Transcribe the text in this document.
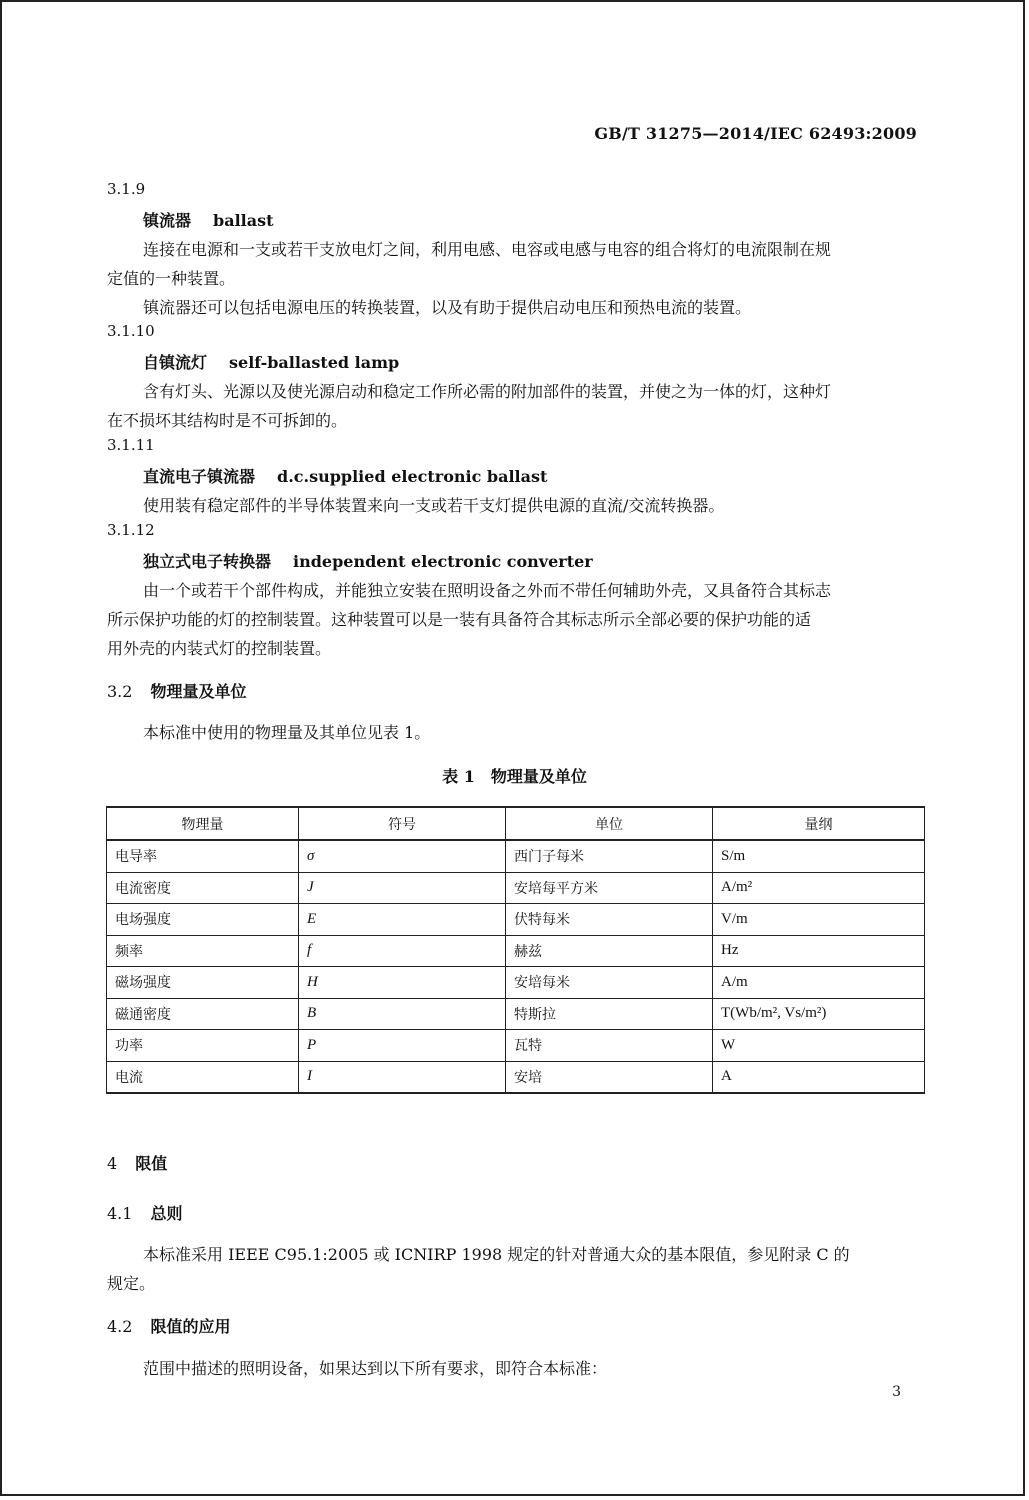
GB/T 31275—2014/IEC 62493:2009
3.1.9
镇流器 ballast
连接在电源和一支或若干支放电灯之间，利用电感、电容或电感与电容的组合将灯的电流限制在规
定值的一种装置。
镇流器还可以包括电源电压的转换装置，以及有助于提供启动电压和预热电流的装置。
3.1.10
自镇流灯 self-ballasted lamp
含有灯头、光源以及使光源启动和稳定工作所必需的附加部件的装置，并使之为一体的灯，这种灯
在不损坏其结构时是不可拆卸的。
3.1.11
直流电子镇流器 d.c.supplied electronic ballast
使用装有稳定部件的半导体装置来向一支或若干支灯提供电源的直流/交流转换器。
3.1.12
独立式电子转换器 independent electronic converter
由一个或若干个部件构成，并能独立安装在照明设备之外而不带任何辅助外壳，又具备符合其标志
所示保护功能的灯的控制装置。这种装置可以是一装有具备符合其标志所示全部必要的保护功能的适
用外壳的内装式灯的控制装置。
3.2 物理量及单位
本标准中使用的物理量及其单位见表 1。
表 1　物理量及单位
物理量	符号	单位	量纲
电导率	σ	西门子每米	S/m
电流密度	J	安培每平方米	A/m²
电场强度	E	伏特每米	V/m
频率	f	赫兹	Hz
磁场强度	H	安培每米	A/m
磁通密度	B	特斯拉	T(Wb/m², Vs/m²)
功率	P	瓦特	W
电流	I	安培	A
4 限值
4.1 总则
本标准采用 IEEE C95.1:2005 或 ICNIRP 1998 规定的针对普通大众的基本限值，参见附录 C 的
规定。
4.2 限值的应用
范围中描述的照明设备，如果达到以下所有要求，即符合本标准：
3
